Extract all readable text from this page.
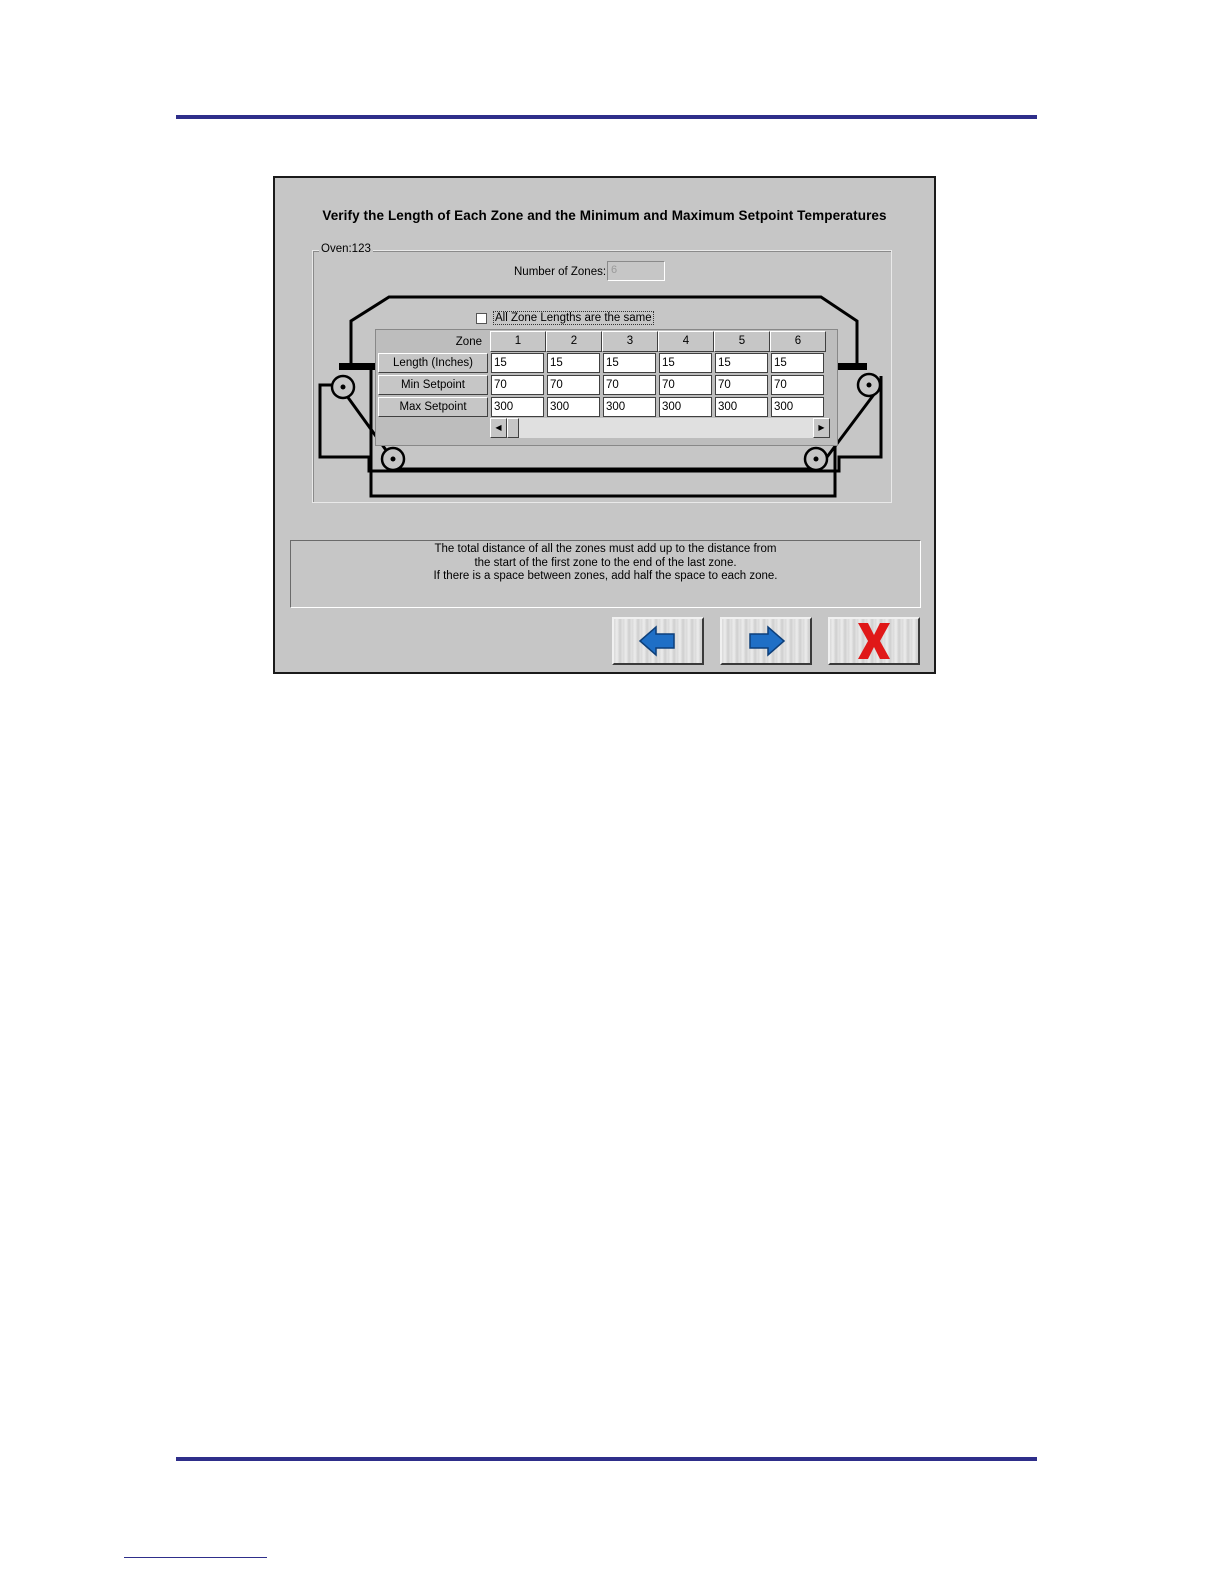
Verify the Length of Each Zone and the Minimum and Maximum Setpoint Temperatures
Oven:123
Number of Zones: 6
All Zone Lengths are the same
Zone	1	2	3	4	5	6
Length (Inches)	15	15	15	15	15	15
Min Setpoint	70	70	70	70	70	70
Max Setpoint	300	300	300	300	300	300
◀	▶
The total distance of all the zones must add up to the distance from
the start of the first zone to the end of the last zone.
If there is a space between zones, add half the space to each zone.
